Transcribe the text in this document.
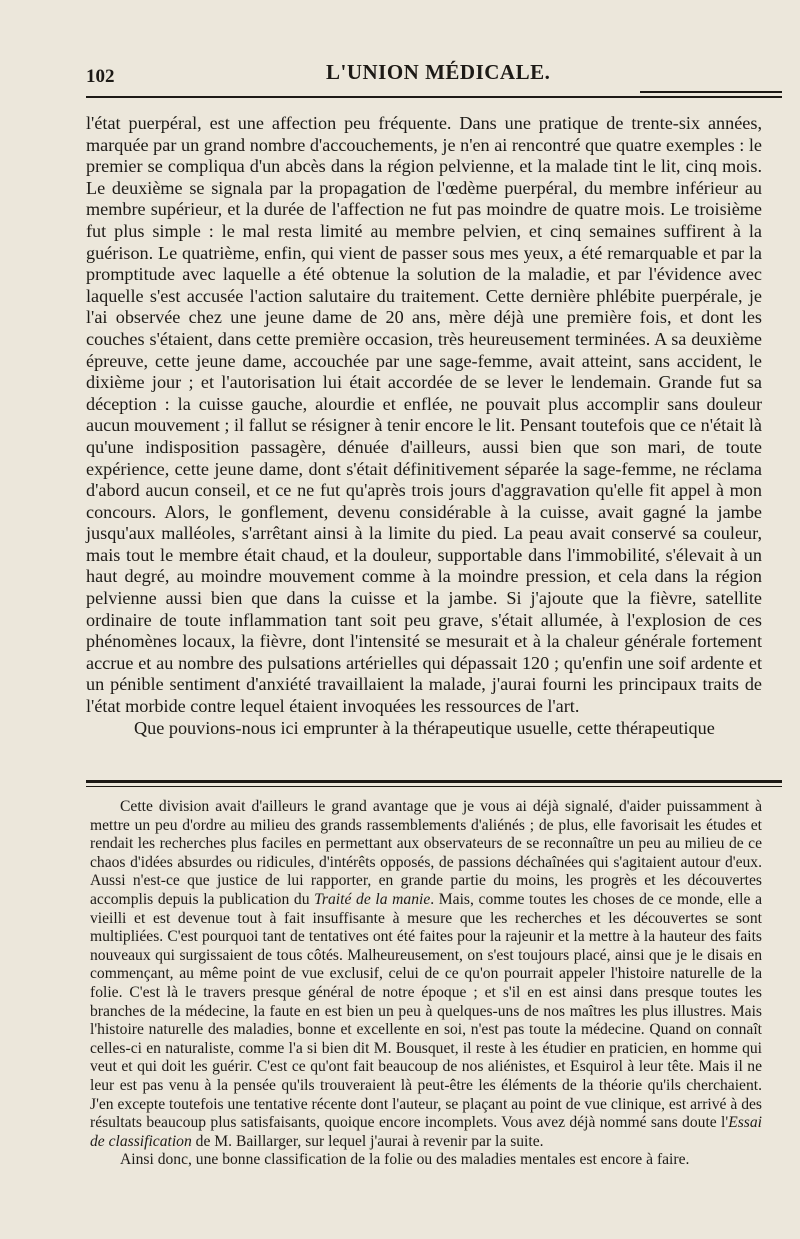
102	L'UNION MÉDICALE.

l'état puerpéral, est une affection peu fréquente. Dans une pratique de trente-six années, marquée par un grand nombre d'accouchements, je n'en ai rencontré que quatre exemples : le premier se compliqua d'un abcès dans la région pelvienne, et la malade tint le lit, cinq mois. Le deuxième se signala par la propagation de l'œdème puerpéral, du membre inférieur au membre supérieur, et la durée de l'affection ne fut pas moindre de quatre mois. Le troisième fut plus simple : le mal resta limité au membre pelvien, et cinq semaines suffirent à la guérison. Le quatrième, enfin, qui vient de passer sous mes yeux, a été remarquable et par la promptitude avec laquelle a été obtenue la solution de la maladie, et par l'évidence avec laquelle s'est accusée l'action salutaire du traitement. Cette dernière phlébite puerpérale, je l'ai observée chez une jeune dame de 20 ans, mère déjà une première fois, et dont les couches s'étaient, dans cette première occasion, très heureusement terminées. A sa deuxième épreuve, cette jeune dame, accouchée par une sage-femme, avait atteint, sans accident, le dixième jour ; et l'autorisation lui était accordée de se lever le lendemain. Grande fut sa déception : la cuisse gauche, alourdie et enflée, ne pouvait plus accomplir sans douleur aucun mouvement ; il fallut se résigner à tenir encore le lit. Pensant toutefois que ce n'était là qu'une indisposition passagère, dénuée d'ailleurs, aussi bien que son mari, de toute expérience, cette jeune dame, dont s'était définitivement séparée la sage-femme, ne réclama d'abord aucun conseil, et ce ne fut qu'après trois jours d'aggravation qu'elle fit appel à mon concours. Alors, le gonflement, devenu considérable à la cuisse, avait gagné la jambe jusqu'aux malléoles, s'arrêtant ainsi à la limite du pied. La peau avait conservé sa couleur, mais tout le membre était chaud, et la douleur, supportable dans l'immobilité, s'élevait à un haut degré, au moindre mouvement comme à la moindre pression, et cela dans la région pelvienne aussi bien que dans la cuisse et la jambe. Si j'ajoute que la fièvre, satellite ordinaire de toute inflammation tant soit peu grave, s'était allumée, à l'explosion de ces phénomènes locaux, la fièvre, dont l'intensité se mesurait et à la chaleur générale fortement accrue et au nombre des pulsations artérielles qui dépassait 120 ; qu'enfin une soif ardente et un pénible sentiment d'anxiété travaillaient la malade, j'aurai fourni les principaux traits de l'état morbide contre lequel étaient invoquées les ressources de l'art.

Que pouvions-nous ici emprunter à la thérapeutique usuelle, cette thérapeutique

Cette division avait d'ailleurs le grand avantage que je vous ai déjà signalé, d'aider puissamment à mettre un peu d'ordre au milieu des grands rassemblements d'aliénés ; de plus, elle favorisait les études et rendait les recherches plus faciles en permettant aux observateurs de se reconnaître un peu au milieu de ce chaos d'idées absurdes ou ridicules, d'intérêts opposés, de passions déchaînées qui s'agitaient autour d'eux. Aussi n'est-ce que justice de lui rapporter, en grande partie du moins, les progrès et les découvertes accomplis depuis la publication du Traité de la manie. Mais, comme toutes les choses de ce monde, elle a vieilli et est devenue tout à fait insuffisante à mesure que les recherches et les découvertes se sont multipliées. C'est pourquoi tant de tentatives ont été faites pour la rajeunir et la mettre à la hauteur des faits nouveaux qui surgissaient de tous côtés. Malheureusement, on s'est toujours placé, ainsi que je le disais en commençant, au même point de vue exclusif, celui de ce qu'on pourrait appeler l'histoire naturelle de la folie. C'est là le travers presque général de notre époque ; et s'il en est ainsi dans presque toutes les branches de la médecine, la faute en est bien un peu à quelques-uns de nos maîtres les plus illustres. Mais l'histoire naturelle des maladies, bonne et excellente en soi, n'est pas toute la médecine. Quand on connaît celles-ci en naturaliste, comme l'a si bien dit M. Bousquet, il reste à les étudier en praticien, en homme qui veut et qui doit les guérir. C'est ce qu'ont fait beaucoup de nos aliénistes, et Esquirol à leur tête. Mais il ne leur est pas venu à la pensée qu'ils trouveraient là peut-être les éléments de la théorie qu'ils cherchaient. J'en excepte toutefois une tentative récente dont l'auteur, se plaçant au point de vue clinique, est arrivé à des résultats beaucoup plus satisfaisants, quoique encore incomplets. Vous avez déjà nommé sans doute l'Essai de classification de M. Baillarger, sur lequel j'aurai à revenir par la suite.

Ainsi donc, une bonne classification de la folie ou des maladies mentales est encore à faire.
